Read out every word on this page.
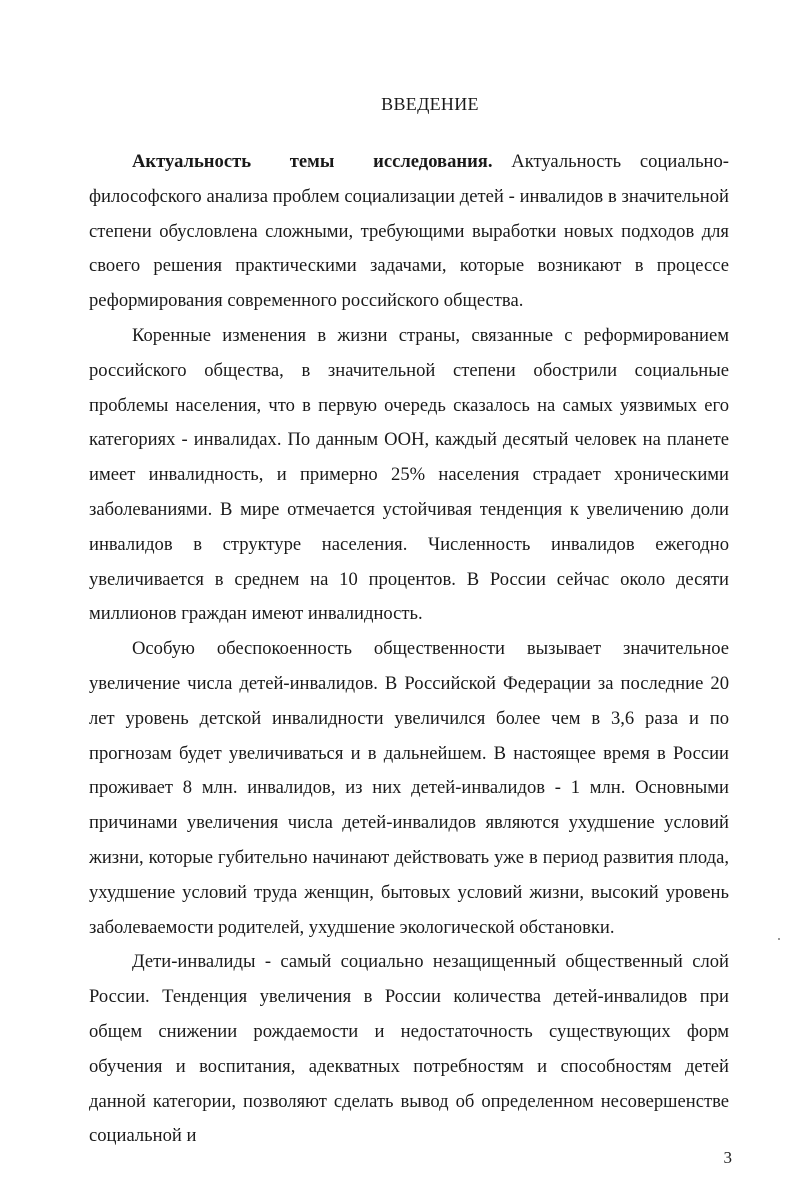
ВВЕДЕНИЕ

Актуальность темы исследования. Актуальность социально-философского анализа проблем социализации детей - инвалидов в значительной степени обусловлена сложными, требующими выработки новых подходов для своего решения практическими задачами, которые возникают в процессе реформирования современного российского общества.

Коренные изменения в жизни страны, связанные с реформированием российского общества, в значительной степени обострили социальные проблемы населения, что в первую очередь сказалось на самых уязвимых его категориях - инвалидах. По данным ООН, каждый десятый человек на планете имеет инвалидность, и примерно 25% населения страдает хроническими заболеваниями. В мире отмечается устойчивая тенденция к увеличению доли инвалидов в структуре населения. Численность инвалидов ежегодно увеличивается в среднем на 10 процентов. В России сейчас около десяти миллионов граждан имеют инвалидность.

Особую обеспокоенность общественности вызывает значительное увеличение числа детей-инвалидов. В Российской Федерации за последние 20 лет уровень детской инвалидности увеличился более чем в 3,6 раза и по прогнозам будет увеличиваться и в дальнейшем. В настоящее время в России проживает 8 млн. инвалидов, из них детей-инвалидов - 1 млн. Основными причинами увеличения числа детей-инвалидов являются ухудшение условий жизни, которые губительно начинают действовать уже в период развития плода, ухудшение условий труда женщин, бытовых условий жизни, высокий уровень заболеваемости родителей, ухудшение экологической обстановки.

Дети-инвалиды - самый социально незащищенный общественный слой России. Тенденция увеличения в России количества детей-инвалидов при общем снижении рождаемости и недостаточность существующих форм обучения и воспитания, адекватных потребностям и способностям детей данной категории, позволяют сделать вывод об определенном несовершенстве социальной и

3
